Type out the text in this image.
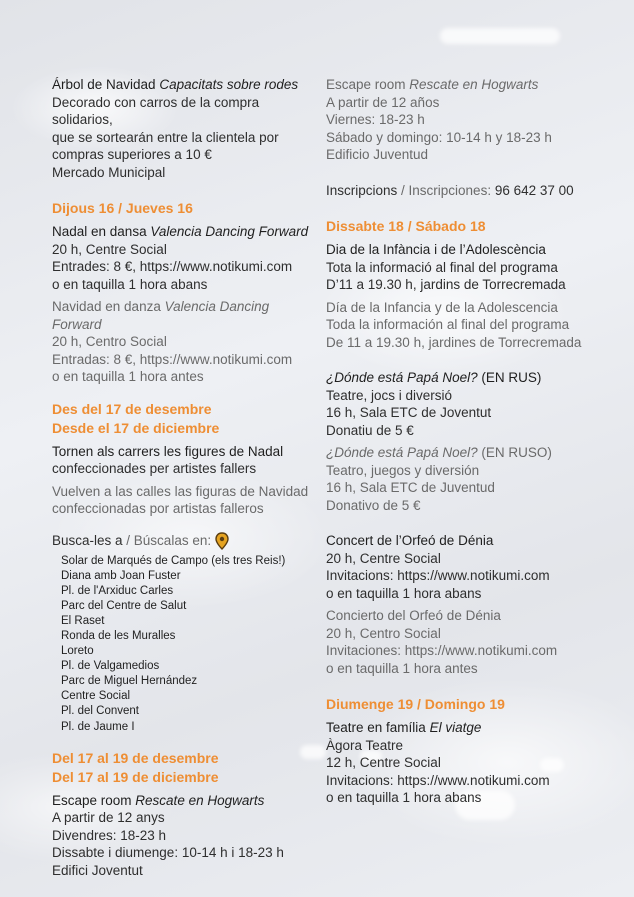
Árbol de Navidad Capacitats sobre rodes
Decorado con carros de la compra solidarios,
que se sortearán entre la clientela por
compras superiores a 10 €
Mercado Municipal
Dijous 16 / Jueves 16
Nadal en dansa Valencia Dancing Forward
20 h, Centre Social
Entrades: 8 €, https://www.notikumi.com
o en taquilla 1 hora abans
Navidad en danza Valencia Dancing Forward
20 h, Centro Social
Entradas: 8 €, https://www.notikumi.com
o en taquilla 1 hora antes
Des del 17 de desembre
Desde el 17 de diciembre
Tornen als carrers les figures de Nadal
confeccionades per artistes fallers
Vuelven a las calles las figuras de Navidad
confeccionadas por artistas falleros
Busca-les a / Búscalas en:
Solar de Marqués de Campo (els tres Reis!)
Diana amb Joan Fuster
Pl. de l'Arxiduc Carles
Parc del Centre de Salut
El Raset
Ronda de les Muralles
Loreto
Pl. de Valgamedios
Parc de Miguel Hernández
Centre Social
Pl. del Convent
Pl. de Jaume I
Del 17 al 19 de desembre
Del 17 al 19 de diciembre
Escape room Rescate en Hogwarts
A partir de 12 anys
Divendres: 18-23 h
Dissabte i diumenge: 10-14 h i 18-23 h
Edifici Joventut
Escape room Rescate en Hogwarts
A partir de 12 años
Viernes: 18-23 h
Sábado y domingo: 10-14 h y 18-23 h
Edificio Juventud
Inscripcions / Inscripciones: 96 642 37 00
Dissabte 18 / Sábado 18
Dia de la Infància i de l’Adolescència
Tota la informació al final del programa
D’11 a 19.30 h, jardins de Torrecremada
Día de la Infancia y de la Adolescencia
Toda la información al final del programa
De 11 a 19.30 h, jardines de Torrecremada
¿Dónde está Papá Noel? (EN RUS)
Teatre, jocs i diversió
16 h, Sala ETC de Joventut
Donatiu de 5 €
¿Dónde está Papá Noel? (EN RUSO)
Teatro, juegos y diversión
16 h, Sala ETC de Juventud
Donativo de 5 €
Concert de l’Orfeó de Dénia
20 h, Centre Social
Invitacions: https://www.notikumi.com
o en taquilla 1 hora abans
Concierto del Orfeó de Dénia
20 h, Centro Social
Invitaciones: https://www.notikumi.com
o en taquilla 1 hora antes
Diumenge 19 / Domingo 19
Teatre en família El viatge
Àgora Teatre
12 h, Centre Social
Invitacions: https://www.notikumi.com
o en taquilla 1 hora abans
